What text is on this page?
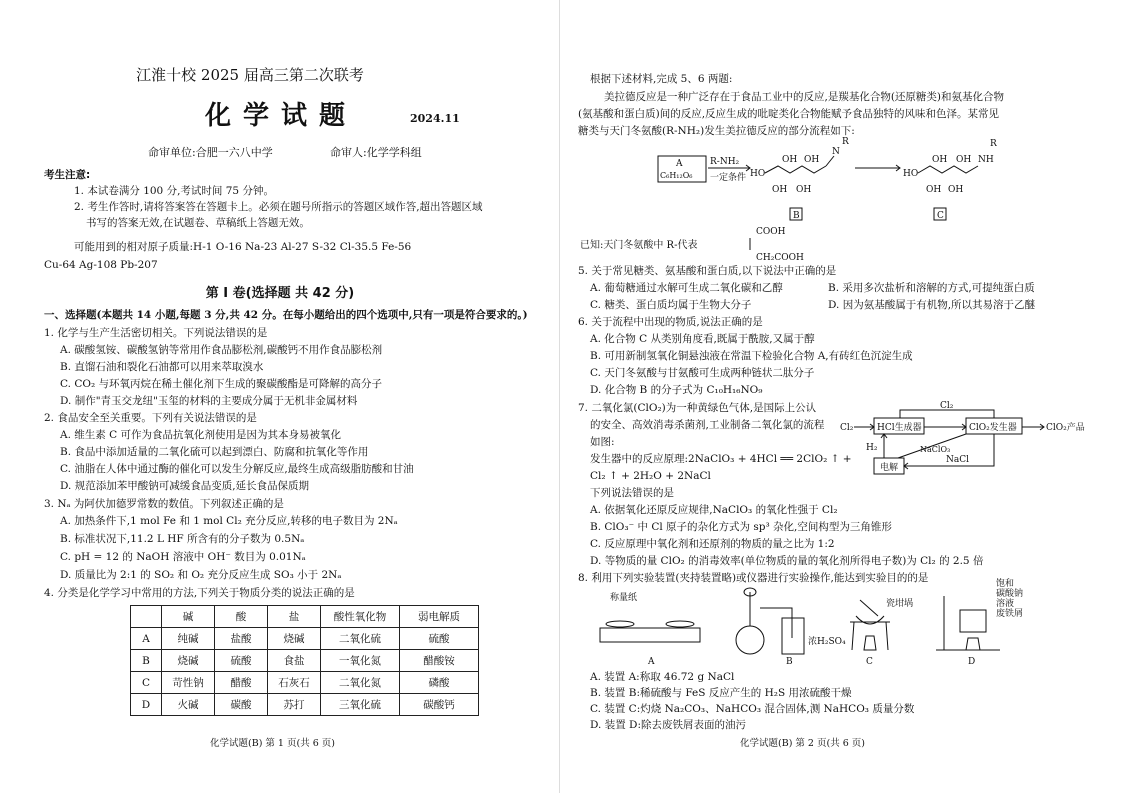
江淮十校 2025 届高三第二次联考
化学试题	2024.11
命审单位:合肥一六八中学	命审人:化学学科组
考生注意:
1. 本试卷满分 100 分,考试时间 75 分钟。
2. 考生作答时,请将答案答在答题卡上。必须在题号所指示的答题区域作答,超出答题区域
书写的答案无效,在试题卷、草稿纸上答题无效。
可能用到的相对原子质量:H-1 O-16 Na-23 Al-27 S-32 Cl-35.5 Fe-56
Cu-64 Ag-108 Pb-207
第 Ⅰ 卷(选择题 共 42 分)
一、选择题(本题共 14 小题,每题 3 分,共 42 分。在每小题给出的四个选项中,只有一项是符合要求的。)
1. 化学与生产生活密切相关。下列说法错误的是
A. 碳酸氢铵、碳酸氢钠等常用作食品膨松剂,碳酸钙不用作食品膨松剂
B. 直馏石油和裂化石油都可以用来萃取溴水
C. CO₂ 与环氧丙烷在稀土催化剂下生成的聚碳酸酯是可降解的高分子
D. 制作"青玉交龙纽"玉玺的材料的主要成分属于无机非金属材料
2. 食品安全至关重要。下列有关说法错误的是
A. 维生素 C 可作为食品抗氧化剂使用是因为其本身易被氧化
B. 食品中添加适量的二氧化硫可以起到漂白、防腐和抗氧化等作用
C. 油脂在人体中通过酶的催化可以发生分解反应,最终生成高级脂肪酸和甘油
D. 规范添加苯甲酸钠可减缓食品变质,延长食品保质期
3. Nₐ 为阿伏加德罗常数的数值。下列叙述正确的是
A. 加热条件下,1 mol Fe 和 1 mol Cl₂ 充分反应,转移的电子数目为 2Nₐ
B. 标准状况下,11.2 L HF 所含有的分子数为 0.5Nₐ
C. pH = 12 的 NaOH 溶液中 OH⁻ 数目为 0.01Nₐ
D. 质量比为 2:1 的 SO₂ 和 O₂ 充分反应生成 SO₃ 小于 2Nₐ
4. 分类是化学学习中常用的方法,下列关于物质分类的说法正确的是
	碱	酸	盐	酸性氧化物	弱电解质
A	纯碱	盐酸	烧碱	二氧化硫	硫酸
B	烧碱	硫酸	食盐	一氧化氮	醋酸铵
C	苛性钠	醋酸	石灰石	二氧化氮	磷酸
D	火碱	碳酸	苏打	三氧化硫	碳酸钙
化学试题(B) 第 1 页(共 6 页)
根据下述材料,完成 5、6 两题:
美拉德反应是一种广泛存在于食品工业中的反应,是羰基化合物(还原糖类)和氨基化合物
(氨基酸和蛋白质)间的反应,反应生成的吡啶类化合物能赋予食品独特的风味和色泽。某常见
糖类与天门冬氨酸(R-NH₂)发生美拉德反应的部分流程如下:
A
C₆H₁₂O₆
R-NH₂
一定条件 HO
N
R
OH OH
OH OH
B
HO
OH OH
OH OH
NH
R
C
已知:天门冬氨酸中 R-代表
COOH
CH₂COOH
5. 关于常见糖类、氨基酸和蛋白质,以下说法中正确的是
A. 葡萄糖通过水解可生成二氧化碳和乙醇	B. 采用多次盐析和溶解的方式,可提纯蛋白质
C. 糖类、蛋白质均属于生物大分子	D. 因为氨基酸属于有机物,所以其易溶于乙醚
6. 关于流程中出现的物质,说法正确的是
A. 化合物 C 从类别角度看,既属于酰胺,又属于醇
B. 可用新制氢氧化铜悬浊液在常温下检验化合物 A,有砖红色沉淀生成
C. 天门冬氨酸与甘氨酸可生成两种链状二肽分子
D. 化合物 B 的分子式为 C₁₀H₁₆NO₉
7. 二氧化氯(ClO₂)为一种黄绿色气体,是国际上公认
的安全、高效消毒杀菌剂,工业制备二氧化氯的流程
如图:
发生器中的反应原理:2NaClO₃ + 4HCl ══ 2ClO₂ ↑ +
Cl₂ ↑ + 2H₂O + 2NaCl
下列说法错误的是
A. 依据氧化还原反应规律,NaClO₃ 的氧化性强于 Cl₂
B. ClO₃⁻ 中 Cl 原子的杂化方式为 sp³ 杂化,空间构型为三角锥形
C. 反应原理中氧化剂和还原剂的物质的量之比为 1:2
D. 等物质的量 ClO₂ 的消毒效率(单位物质的量的氧化剂所得电子数)为 Cl₂ 的 2.5 倍
8. 利用下列实验装置(夹持装置略)或仪器进行实验操作,能达到实验目的的是
Cl₂	HCl生成器	ClO₂发生器	ClO₂产品
Cl₂
电解
H₂	NaClO₃
NaCl
称量纸
A
浓H₂SO₄
B
瓷坩埚
C
饱和
碳酸钠
溶液
废铁屑
D
A. 装置 A:称取 46.72 g NaCl
B. 装置 B:稀硫酸与 FeS 反应产生的 H₂S 用浓硫酸干燥
C. 装置 C:灼烧 Na₂CO₃、NaHCO₃ 混合固体,测 NaHCO₃ 质量分数
D. 装置 D:除去废铁屑表面的油污
化学试题(B) 第 2 页(共 6 页)
